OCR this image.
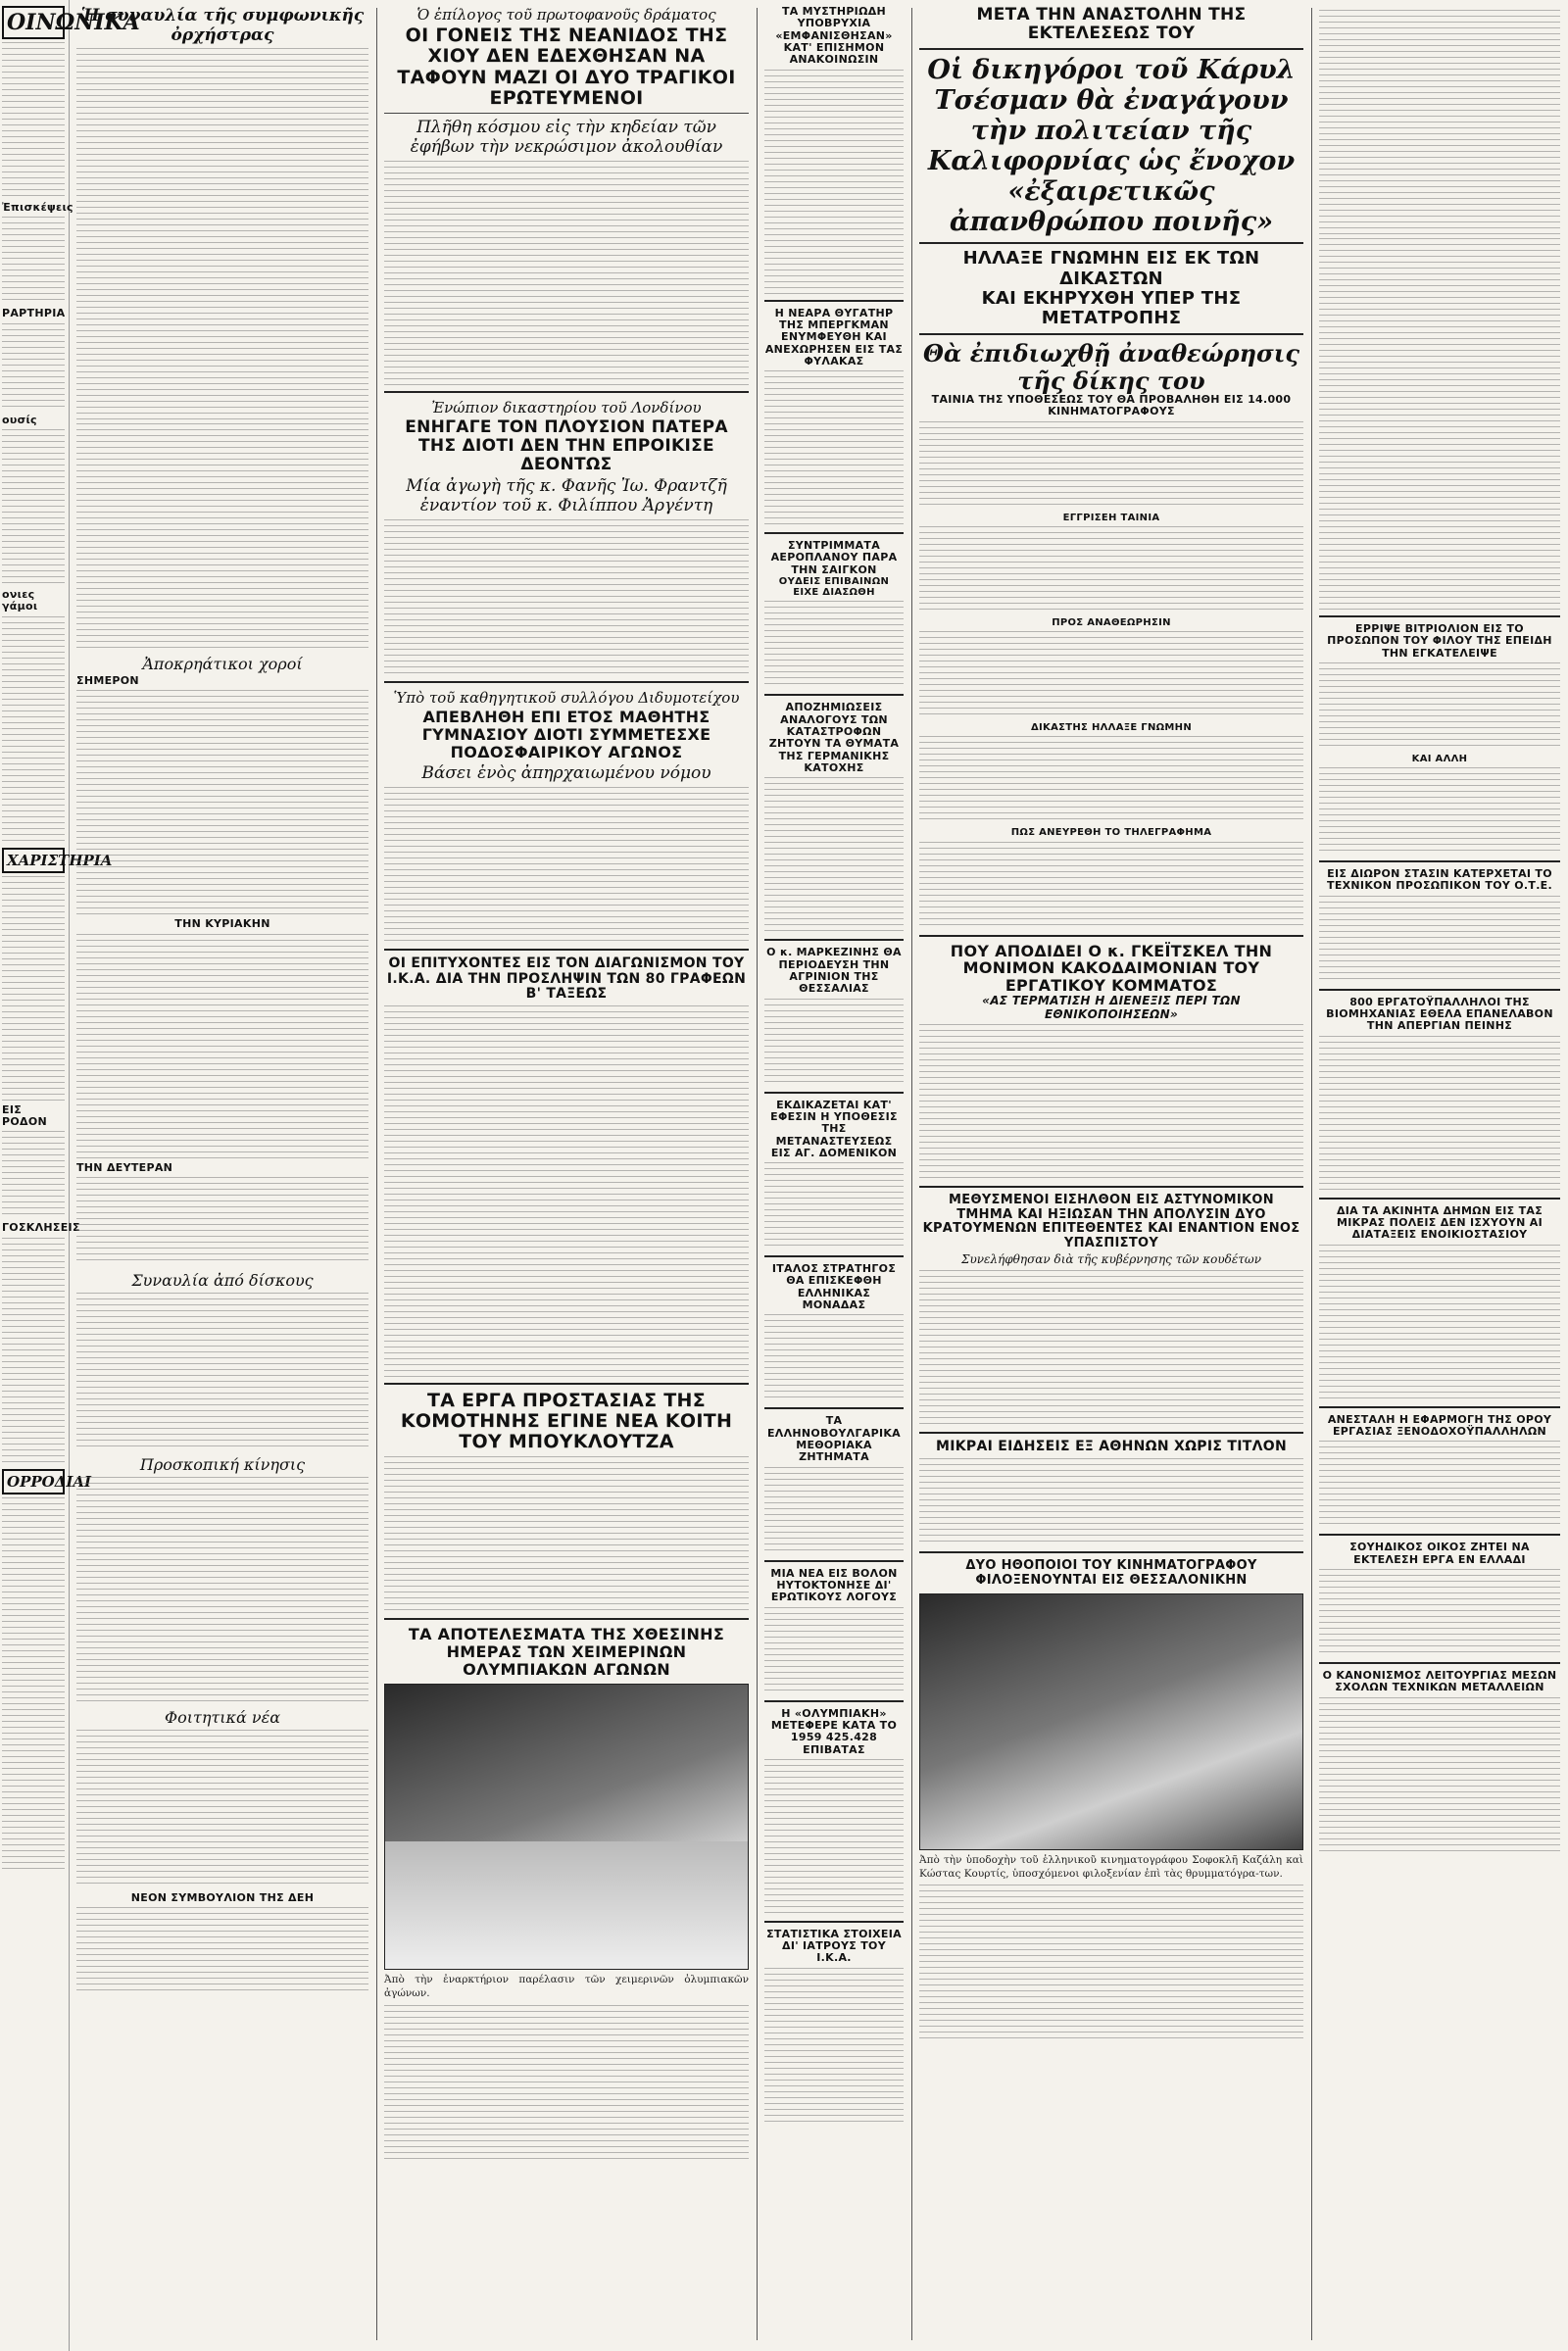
ΟΙΝΩΝΙΚΑ
Ἐπισκέψεις
ΡΑΡΤΗΡΙΑ
ουσίς
ονιες γάμοι
ΧΑΡΙΣΤΗΡΙΑ
ΕΙΣ ΡΟΔΟΝ
ΓΟΣΚΛΗΣΕΙΣ
ΟΡΡΟΔΙΑΙ
Ἡ συναυλία τῆς συμφωνικῆς ὀρχήστρας
Ἀποκρηάτικοι χοροί
ΣΗΜΕΡΟΝ
ΤΗΝ ΚΥΡΙΑΚΗΝ
ΤΗΝ ΔΕΥΤΕΡΑΝ
Συναυλία ἀπό δίσκους
Προσκοπική κίνησις
Φοιτητικά νέα
ΝΕΟΝ ΣΥΜΒΟΥΛΙΟΝ ΤΗΣ ΔΕΗ
Ὁ ἐπίλογος τοῦ πρωτοφανοῦς δράματος
ΟΙ ΓΟΝΕΙΣ ΤΗΣ ΝΕΑΝΙΔΟΣ ΤΗΣ ΧΙΟΥ ΔΕΝ ΕΔΕΧΘΗΣΑΝ ΝΑ ΤΑΦΟΥΝ ΜΑΖΙ ΟΙ ΔΥΟ ΤΡΑΓΙΚΟΙ ΕΡΩΤΕΥΜΕΝΟΙ
Πλῆθη κόσμου εἰς τὴν κηδείαν τῶν ἐφήβων τὴν νεκρώσιμον ἀκολουθίαν
Ἐνώπιον δικαστηρίου τοῦ Λονδίνου
ΕΝΗΓΑΓΕ ΤΟΝ ΠΛΟΥΣΙΟΝ ΠΑΤΕΡΑ ΤΗΣ ΔΙΟΤΙ ΔΕΝ ΤΗΝ ΕΠΡΟΙΚΙΣΕ ΔΕΟΝΤΩΣ
Μία ἀγωγὴ τῆς κ. Φανῆς Ἰω. Φραντζῆ ἐναντίον τοῦ κ. Φιλίππου Ἀργέντη
Ὑπὸ τοῦ καθηγητικοῦ συλλόγου Διδυμοτείχου
ΑΠΕΒΛΗΘΗ ΕΠΙ ΕΤΟΣ ΜΑΘΗΤΗΣ ΓΥΜΝΑΣΙΟΥ ΔΙΟΤΙ ΣΥΜΜΕΤΕΣΧΕ ΠΟΔΟΣΦΑΙΡΙΚΟΥ ΑΓΩΝΟΣ
Βάσει ἑνὸς ἀπηρχαιωμένου νόμου
ΟΙ ΕΠΙΤΥΧΟΝΤΕΣ ΕΙΣ ΤΟΝ ΔΙΑΓΩΝΙΣΜΟΝ ΤΟΥ Ι.Κ.Α. ΔΙΑ ΤΗΝ ΠΡΟΣΛΗΨΙΝ ΤΩΝ 80 ΓΡΑΦΕΩΝ Β' ΤΑΞΕΩΣ
ΤΑ ΕΡΓΑ ΠΡΟΣΤΑΣΙΑΣ ΤΗΣ ΚΟΜΟΤΗΝΗΣ ΕΓΙΝΕ ΝΕΑ ΚΟΙΤΗ ΤΟΥ ΜΠΟΥΚΛΟΥΤΖΑ
ΤΑ ΑΠΟΤΕΛΕΣΜΑΤΑ ΤΗΣ ΧΘΕΣΙΝΗΣ ΗΜΕΡΑΣ ΤΩΝ ΧΕΙΜΕΡΙΝΩΝ ΟΛΥΜΠΙΑΚΩΝ ΑΓΩΝΩΝ
Ἀπὸ τὴν ἐναρκτήριον παρέλασιν τῶν χειμερινῶν ὀλυμπιακῶν ἀγώνων.
ΤΑ ΜΥΣΤΗΡΙΩΔΗ ΥΠΟΒΡΥΧΙΑ «ΕΜΦΑΝΙΣΘΗΣΑΝ» ΚΑΤ' ΕΠΙΣΗΜΟΝ ΑΝΑΚΟΙΝΩΣΙΝ
Η ΝΕΑΡΑ ΘΥΓΑΤΗΡ ΤΗΣ ΜΠΕΡΓΚΜΑΝ ΕΝΥΜΦΕΥΘΗ ΚΑΙ ΑΝΕΧΩΡΗΣΕΝ ΕΙΣ ΤΑΣ ΦΥΛΑΚΑΣ
ΣΥΝΤΡΙΜΜΑΤΑ ΑΕΡΟΠΛΑΝΟΥ ΠΑΡΑ ΤΗΝ ΣΑΙΓΚΟΝ
ΟΥΔΕΙΣ ΕΠΙΒΑΙΝΩΝ ΕΙΧΕ ΔΙΑΣΩΘΗ
ΑΠΟΖΗΜΙΩΣΕΙΣ ΑΝΑΛΟΓΟΥΣ ΤΩΝ ΚΑΤΑΣΤΡΟΦΩΝ ΖΗΤΟΥΝ ΤΑ ΘΥΜΑΤΑ ΤΗΣ ΓΕΡΜΑΝΙΚΗΣ ΚΑΤΟΧΗΣ
Ο κ. ΜΑΡΚΕΖΙΝΗΣ ΘΑ ΠΕΡΙΟΔΕΥΣΗ ΤΗΝ ΑΓΡΙΝΙΟΝ ΤΗΣ ΘΕΣΣΑΛΙΑΣ
ΕΚΔΙΚΑΖΕΤΑΙ ΚΑΤ' ΕΦΕΣΙΝ Η ΥΠΟΘΕΣΙΣ ΤΗΣ ΜΕΤΑΝΑΣΤΕΥΣΕΩΣ ΕΙΣ ΑΓ. ΔΟΜΕΝΙΚΟΝ
ΙΤΑΛΟΣ ΣΤΡΑΤΗΓΟΣ ΘΑ ΕΠΙΣΚΕΦΘΗ ΕΛΛΗΝΙΚΑΣ ΜΟΝΑΔΑΣ
ΤΑ ΕΛΛΗΝΟΒΟΥΛΓΑΡΙΚΑ ΜΕΘΟΡΙΑΚΑ ΖΗΤΗΜΑΤΑ
ΜΙΑ ΝΕΑ ΕΙΣ ΒΟΛΟΝ ΗΥΤΟΚΤΟΝΗΣΕ ΔΙ' ΕΡΩΤΙΚΟΥΣ ΛΟΓΟΥΣ
Η «ΟΛΥΜΠΙΑΚΗ» ΜΕΤΕΦΕΡΕ ΚΑΤΑ ΤΟ 1959 425.428 ΕΠΙΒΑΤΑΣ
ΣΤΑΤΙΣΤΙΚΑ ΣΤΟΙΧΕΙΑ ΔΙ' ΙΑΤΡΟΥΣ ΤΟΥ Ι.Κ.Α.
ΜΕΤΑ ΤΗΝ ΑΝΑΣΤΟΛΗΝ ΤΗΣ ΕΚΤΕΛΕΣΕΩΣ ΤΟΥ
Οἱ δικηγόροι τοῦ Κάρυλ Τσέσμαν θὰ ἐναγάγουν τὴν πολιτείαν τῆς Καλιφορνίας ὡς ἔνοχον «ἐξαιρετικῶς ἀπανθρώπου ποινῆς»
ΗΛΛΑΞΕ ΓΝΩΜΗΝ ΕΙΣ ΕΚ ΤΩΝ ΔΙΚΑΣΤΩΝ
ΚΑΙ ΕΚΗΡΥΧΘΗ ΥΠΕΡ ΤΗΣ ΜΕΤΑΤΡΟΠΗΣ
Θὰ ἐπιδιωχθῇ ἀναθεώρησις τῆς δίκης του
ΤΑΙΝΙΑ ΤΗΣ ΥΠΟΘΕΣΕΩΣ ΤΟΥ ΘΑ ΠΡΟΒΑΛΗΘΗ ΕΙΣ 14.000 ΚΙΝΗΜΑΤΟΓΡΑΦΟΥΣ
ΕΓΓΡΙΣΕΗ ΤΑΙΝΙΑ
ΠΡΟΣ ΑΝΑΘΕΩΡΗΣΙΝ
ΔΙΚΑΣΤΗΣ ΗΛΛΑΞΕ ΓΝΩΜΗΝ
ΠΩΣ ΑΝΕΥΡΕΘΗ ΤΟ ΤΗΛΕΓΡΑΦΗΜΑ
ΠΟΥ ΑΠΟΔΙΔΕΙ Ο κ. ΓΚΕΪΤΣΚΕΛ ΤΗΝ ΜΟΝΙΜΟΝ ΚΑΚΟΔΑΙΜΟΝΙΑΝ ΤΟΥ ΕΡΓΑΤΙΚΟΥ ΚΟΜΜΑΤΟΣ
«ΑΣ ΤΕΡΜΑΤΙΣΗ Η ΔΙΕΝΕΞΙΣ ΠΕΡΙ ΤΩΝ ΕΘΝΙΚΟΠΟΙΗΣΕΩΝ»
ΜΕΘΥΣΜΕΝΟΙ ΕΙΣΗΛΘΟΝ ΕΙΣ ΑΣΤΥΝΟΜΙΚΟΝ ΤΜΗΜΑ ΚΑΙ ΗΞΙΩΣΑΝ ΤΗΝ ΑΠΟΛΥΣΙΝ ΔΥΟ ΚΡΑΤΟΥΜΕΝΩΝ ΕΠΙΤΕΘΕΝΤΕΣ ΚΑΙ ΕΝΑΝΤΙΟΝ ΕΝΟΣ ΥΠΑΣΠΙΣΤΟΥ
Συνελήφθησαν διὰ τῆς κυβέρνησης τῶν κουδέτων
ΜΙΚΡΑΙ ΕΙΔΗΣΕΙΣ ΕΞ ΑΘΗΝΩΝ ΧΩΡΙΣ ΤΙΤΛΟΝ
ΔΥΟ ΗΘΟΠΟΙΟΙ ΤΟΥ ΚΙΝΗΜΑΤΟΓΡΑΦΟΥ ΦΙΛΟΞΕΝΟΥΝΤΑΙ ΕΙΣ ΘΕΣΣΑΛΟΝΙΚΗΝ
Ἀπὸ τὴν ὑποδοχὴν τοῦ ἑλληνικοῦ κινηματογράφου Σοφοκλῆ Καζάλη καὶ Κώστας Κουρτίς, ὑποσχόμενοι φιλοξενίαν ἐπὶ τὰς θρυμματόγρα-των.
ΕΡΡΙΨΕ ΒΙΤΡΙΟΛΙΟΝ ΕΙΣ ΤΟ ΠΡΟΣΩΠΟΝ ΤΟΥ ΦΙΛΟΥ ΤΗΣ ΕΠΕΙΔΗ ΤΗΝ ΕΓΚΑΤΕΛΕΙΨΕ
ΚΑΙ ΑΛΛΗ
ΕΙΣ ΔΙΩΡΟΝ ΣΤΑΣΙΝ ΚΑΤΕΡΧΕΤΑΙ ΤΟ ΤΕΧΝΙΚΟΝ ΠΡΟΣΩΠΙΚΟΝ ΤΟΥ Ο.Τ.Ε.
800 ΕΡΓΑΤΟΫΠΑΛΛΗΛΟΙ ΤΗΣ ΒΙΟΜΗΧΑΝΙΑΣ ΕΘΕΛΑ ΕΠΑΝΕΛΑΒΟΝ ΤΗΝ ΑΠΕΡΓΙΑΝ ΠΕΙΝΗΣ
ΔΙΑ ΤΑ ΑΚΙΝΗΤΑ ΔΗΜΩΝ ΕΙΣ ΤΑΣ ΜΙΚΡΑΣ ΠΟΛΕΙΣ ΔΕΝ ΙΣΧΥΟΥΝ ΑΙ ΔΙΑΤΑΞΕΙΣ ΕΝΟΙΚΙΟΣΤΑΣΙΟΥ
ΑΝΕΣΤΑΛΗ Η ΕΦΑΡΜΟΓΗ ΤΗΣ ΟΡΟΥ ΕΡΓΑΣΙΑΣ ΞΕΝΟΔΟΧΟΫΠΑΛΛΗΛΩΝ
ΣΟΥΗΔΙΚΟΣ ΟΙΚΟΣ ΖΗΤΕΙ ΝΑ ΕΚΤΕΛΕΣΗ ΕΡΓΑ ΕΝ ΕΛΛΑΔΙ
Ο ΚΑΝΟΝΙΣΜΟΣ ΛΕΙΤΟΥΡΓΙΑΣ ΜΕΣΩΝ ΣΧΟΛΩΝ ΤΕΧΝΙΚΩΝ ΜΕΤΑΛΛΕΙΩΝ
